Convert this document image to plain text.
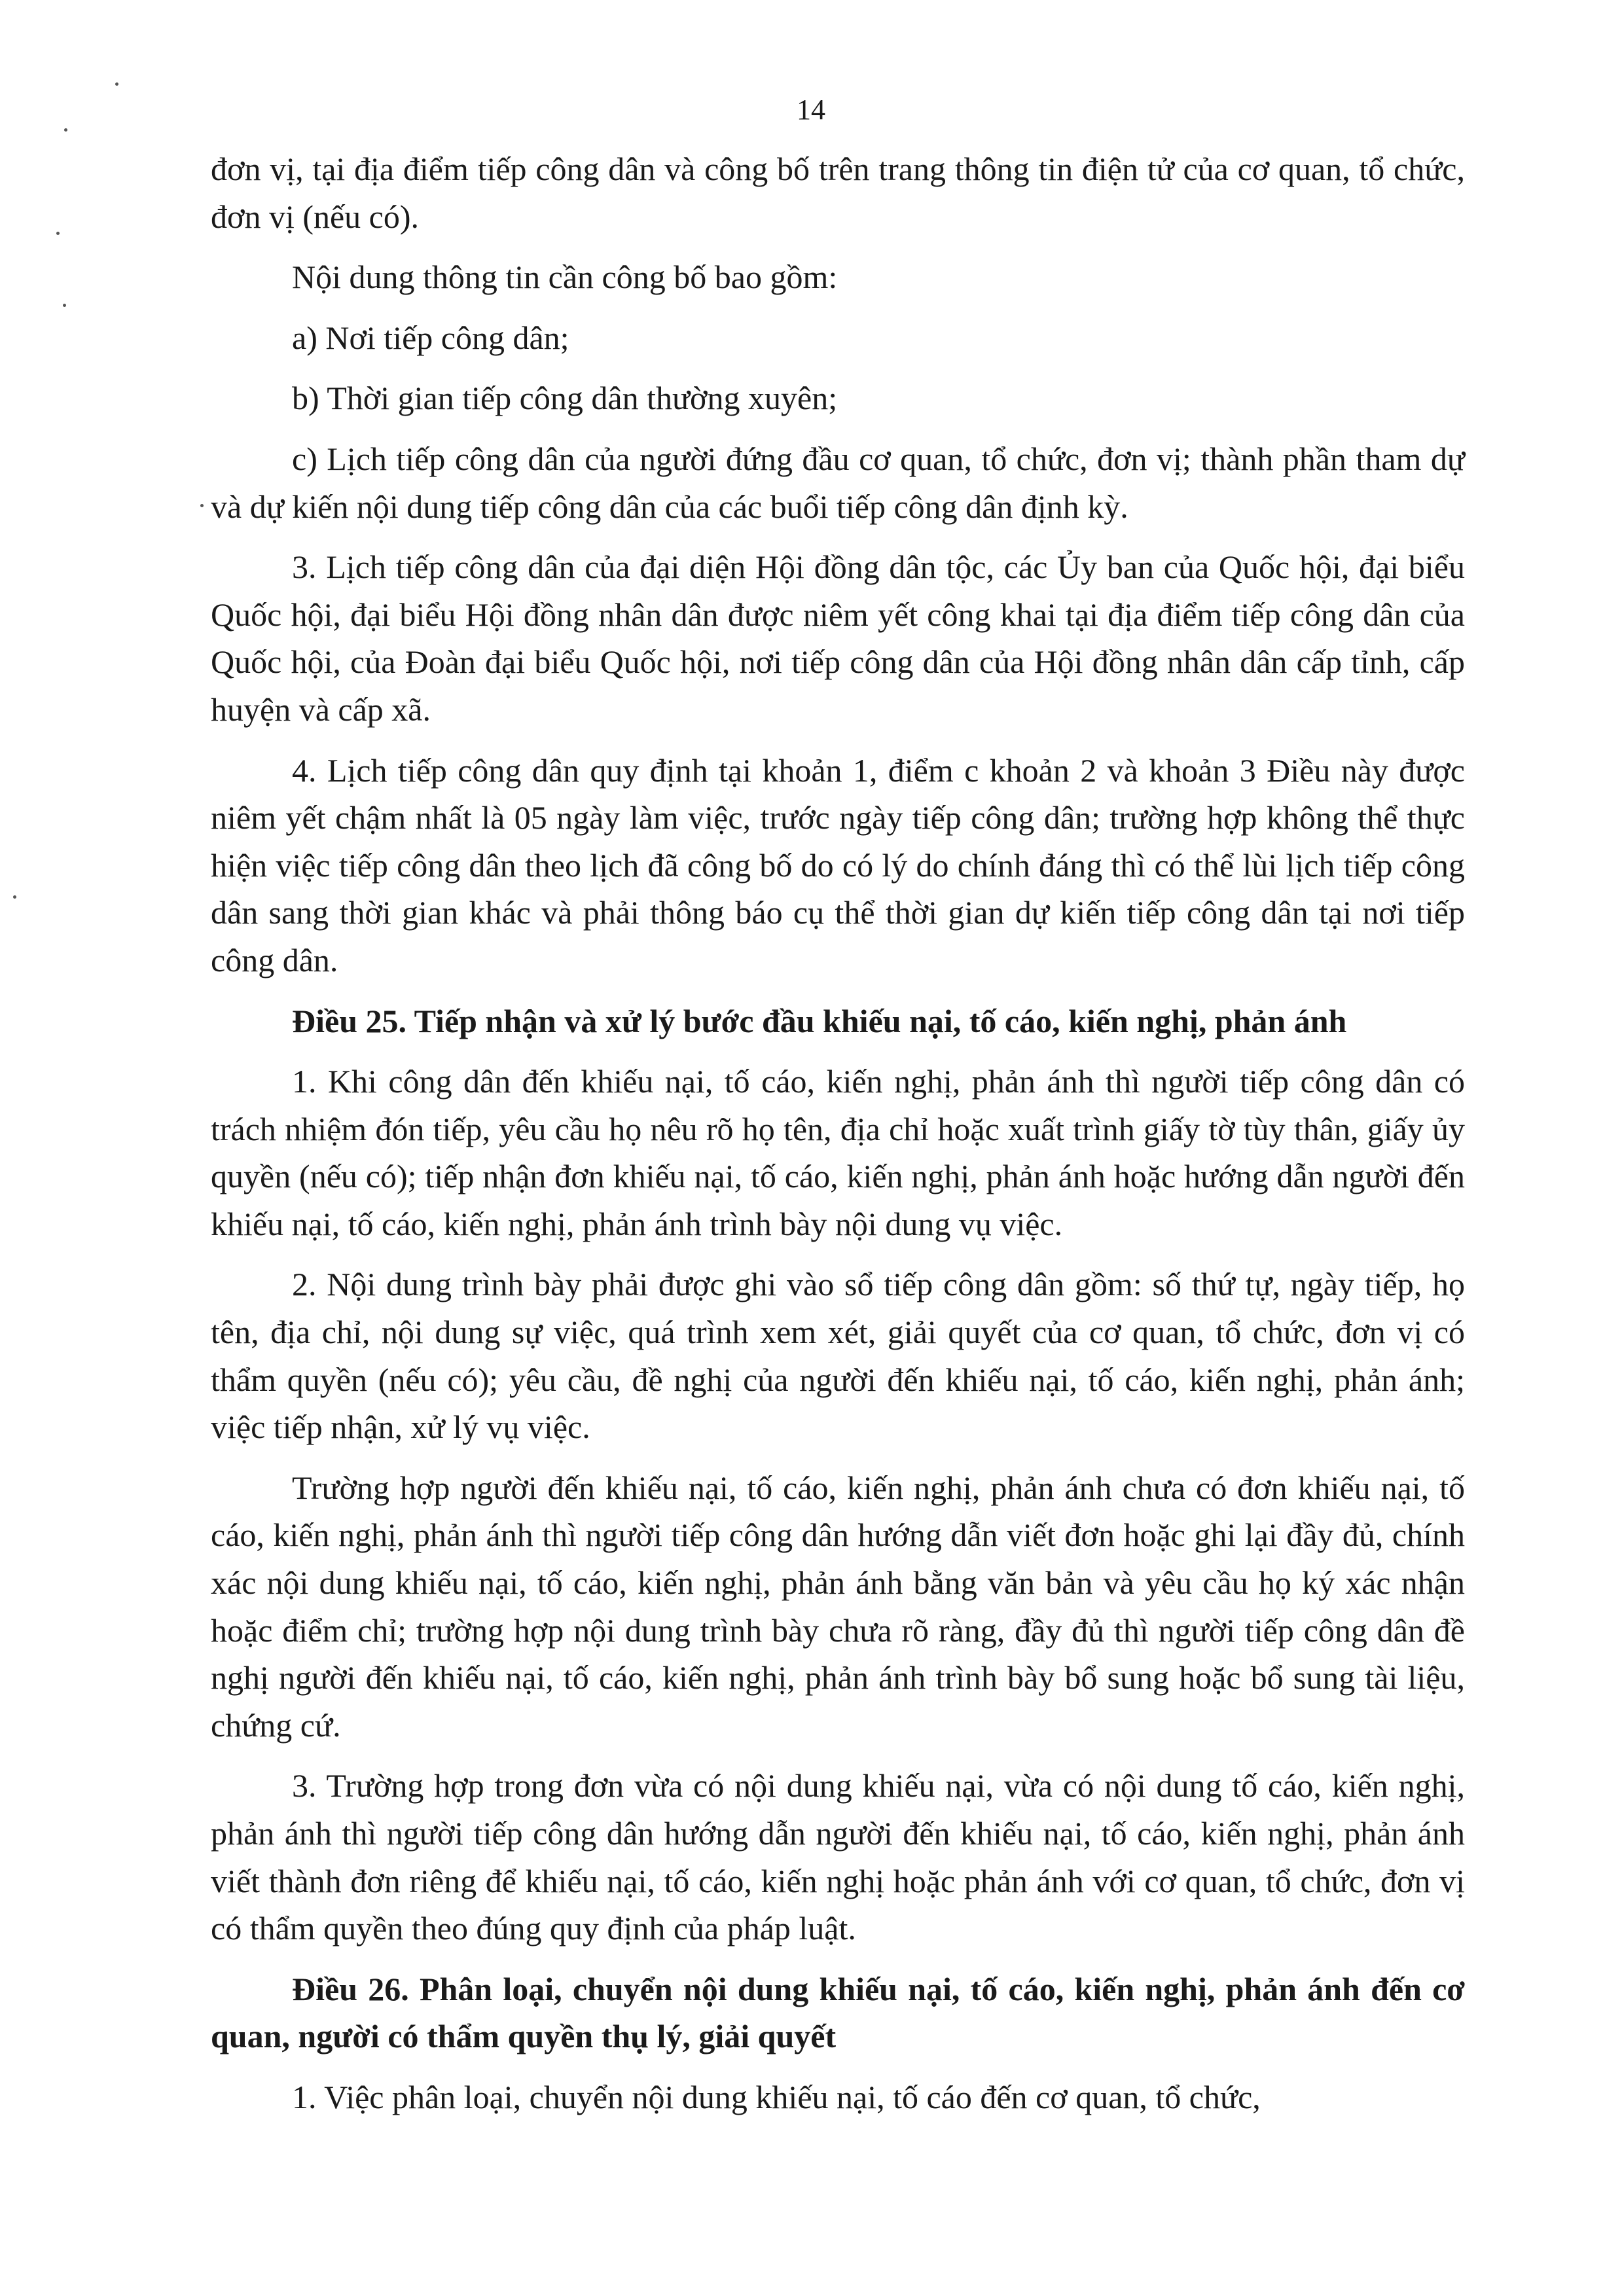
14

đơn vị, tại địa điểm tiếp công dân và công bố trên trang thông tin điện tử của cơ quan, tổ chức, đơn vị (nếu có).

Nội dung thông tin cần công bố bao gồm:

a) Nơi tiếp công dân;

b) Thời gian tiếp công dân thường xuyên;

c) Lịch tiếp công dân của người đứng đầu cơ quan, tổ chức, đơn vị; thành phần tham dự và dự kiến nội dung tiếp công dân của các buổi tiếp công dân định kỳ.

3. Lịch tiếp công dân của đại diện Hội đồng dân tộc, các Ủy ban của Quốc hội, đại biểu Quốc hội, đại biểu Hội đồng nhân dân được niêm yết công khai tại địa điểm tiếp công dân của Quốc hội, của Đoàn đại biểu Quốc hội, nơi tiếp công dân của Hội đồng nhân dân cấp tỉnh, cấp huyện và cấp xã.

4. Lịch tiếp công dân quy định tại khoản 1, điểm c khoản 2 và khoản 3 Điều này được niêm yết chậm nhất là 05 ngày làm việc, trước ngày tiếp công dân; trường hợp không thể thực hiện việc tiếp công dân theo lịch đã công bố do có lý do chính đáng thì có thể lùi lịch tiếp công dân sang thời gian khác và phải thông báo cụ thể thời gian dự kiến tiếp công dân tại nơi tiếp công dân.

Điều 25. Tiếp nhận và xử lý bước đầu khiếu nại, tố cáo, kiến nghị, phản ánh

1. Khi công dân đến khiếu nại, tố cáo, kiến nghị, phản ánh thì người tiếp công dân có trách nhiệm đón tiếp, yêu cầu họ nêu rõ họ tên, địa chỉ hoặc xuất trình giấy tờ tùy thân, giấy ủy quyền (nếu có); tiếp nhận đơn khiếu nại, tố cáo, kiến nghị, phản ánh hoặc hướng dẫn người đến khiếu nại, tố cáo, kiến nghị, phản ánh trình bày nội dung vụ việc.

2. Nội dung trình bày phải được ghi vào sổ tiếp công dân gồm: số thứ tự, ngày tiếp, họ tên, địa chỉ, nội dung sự việc, quá trình xem xét, giải quyết của cơ quan, tổ chức, đơn vị có thẩm quyền (nếu có); yêu cầu, đề nghị của người đến khiếu nại, tố cáo, kiến nghị, phản ánh; việc tiếp nhận, xử lý vụ việc.

Trường hợp người đến khiếu nại, tố cáo, kiến nghị, phản ánh chưa có đơn khiếu nại, tố cáo, kiến nghị, phản ánh thì người tiếp công dân hướng dẫn viết đơn hoặc ghi lại đầy đủ, chính xác nội dung khiếu nại, tố cáo, kiến nghị, phản ánh bằng văn bản và yêu cầu họ ký xác nhận hoặc điểm chỉ; trường hợp nội dung trình bày chưa rõ ràng, đầy đủ thì người tiếp công dân đề nghị người đến khiếu nại, tố cáo, kiến nghị, phản ánh trình bày bổ sung hoặc bổ sung tài liệu, chứng cứ.

3. Trường hợp trong đơn vừa có nội dung khiếu nại, vừa có nội dung tố cáo, kiến nghị, phản ánh thì người tiếp công dân hướng dẫn người đến khiếu nại, tố cáo, kiến nghị, phản ánh viết thành đơn riêng để khiếu nại, tố cáo, kiến nghị hoặc phản ánh với cơ quan, tổ chức, đơn vị có thẩm quyền theo đúng quy định của pháp luật.

Điều 26. Phân loại, chuyển nội dung khiếu nại, tố cáo, kiến nghị, phản ánh đến cơ quan, người có thẩm quyền thụ lý, giải quyết

1. Việc phân loại, chuyển nội dung khiếu nại, tố cáo đến cơ quan, tổ chức,
